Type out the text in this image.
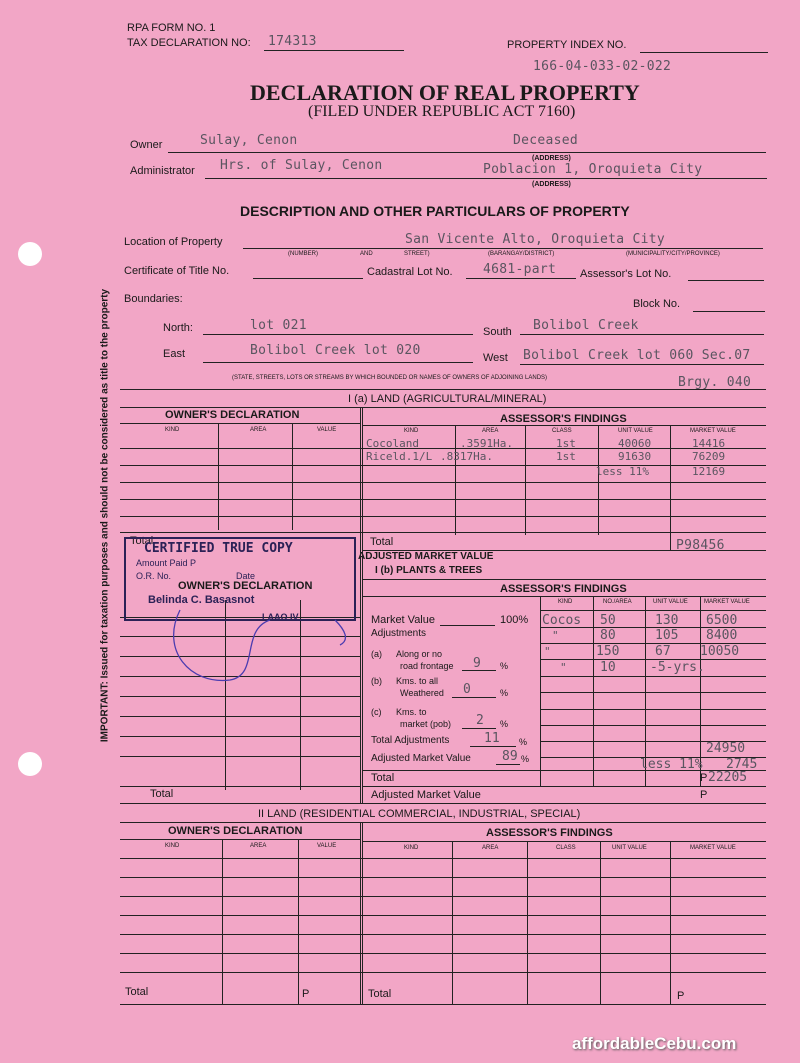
IMPORTANT: Issued for taxation purposes and should not be considered as title to the property
RPA FORM NO. 1
TAX DECLARATION NO: 174313	PROPERTY INDEX NO.
166-04-033-02-022
DECLARATION OF REAL PROPERTY
(FILED UNDER REPUBLIC ACT 7160)
Owner	Sulay, Cenon	Deceased
(ADDRESS)
Administrator Hrs. of Sulay, Cenon	Poblacion 1, Oroquieta City
(ADDRESS)
DESCRIPTION AND OTHER PARTICULARS OF PROPERTY
Location of Property	San Vicente Alto, Oroquieta City
(NUMBER)	AND	STREET)	(BARANGAY/DISTRICT)	(MUNICIPALITY/CITY/PROVINCE)
Certificate of Title No.	Cadastral Lot No. 4681-part Assessor's Lot No.
Boundaries:	Block No.
North:	lot 021	South Bolibol Creek
East	Bolibol Creek lot 020	West Bolibol Creek lot 060 Sec.07
(STATE, STREETS, LOTS OR STREAMS BY WHICH BOUNDED OR NAMES OF OWNERS OF ADJOINING LANDS)	Brgy. 040
I (a) LAND (AGRICULTURAL/MINERAL)
OWNER'S DECLARATION	ASSESSOR'S FINDINGS
KIND	AREA	VALUE	KIND	AREA	CLASS	UNIT VALUE	MARKET VALUE
Cocoland	.3591Ha.	1st	40060	14416
Riceld.1/L .8317Ha.	1st	91630	76209
less 11%	12169
Total	Total	P98456
ADJUSTED MARKET VALUE
I (b) PLANTS & TREES
ASSESSOR'S FINDINGS
KIND	NO./AREA	UNIT VALUE	MARKET VALUE
Cocos 50	130 6500
"	80	105 8400
"	150	67 10050
"	10	-5-yrs.
Market Value	100%
Adjustments
(a) Along or no
road frontage 9 %
(b) Kms. to all
Weathered 0	%
(c) Kms. to
market (pob) 2 %
Total Adjustments	11 %
Adjusted Market Value 89 %
24950
less 11% 2745
Total	P 22205
Adjusted Market Value	P
Total
CERTIFIED TRUE COPY
Amount Paid P
O.R. No.	Date
Belinda C. Basasnot
LAAO IV
OWNER'S DECLARATION
II LAND (RESIDENTIAL COMMERCIAL, INDUSTRIAL, SPECIAL)
OWNER'S DECLARATION	ASSESSOR'S FINDINGS
KIND	AREA	VALUE	KIND	AREA	CLASS	UNIT VALUE	MARKET VALUE
Total	P	Total	P
affordableCebu.com
